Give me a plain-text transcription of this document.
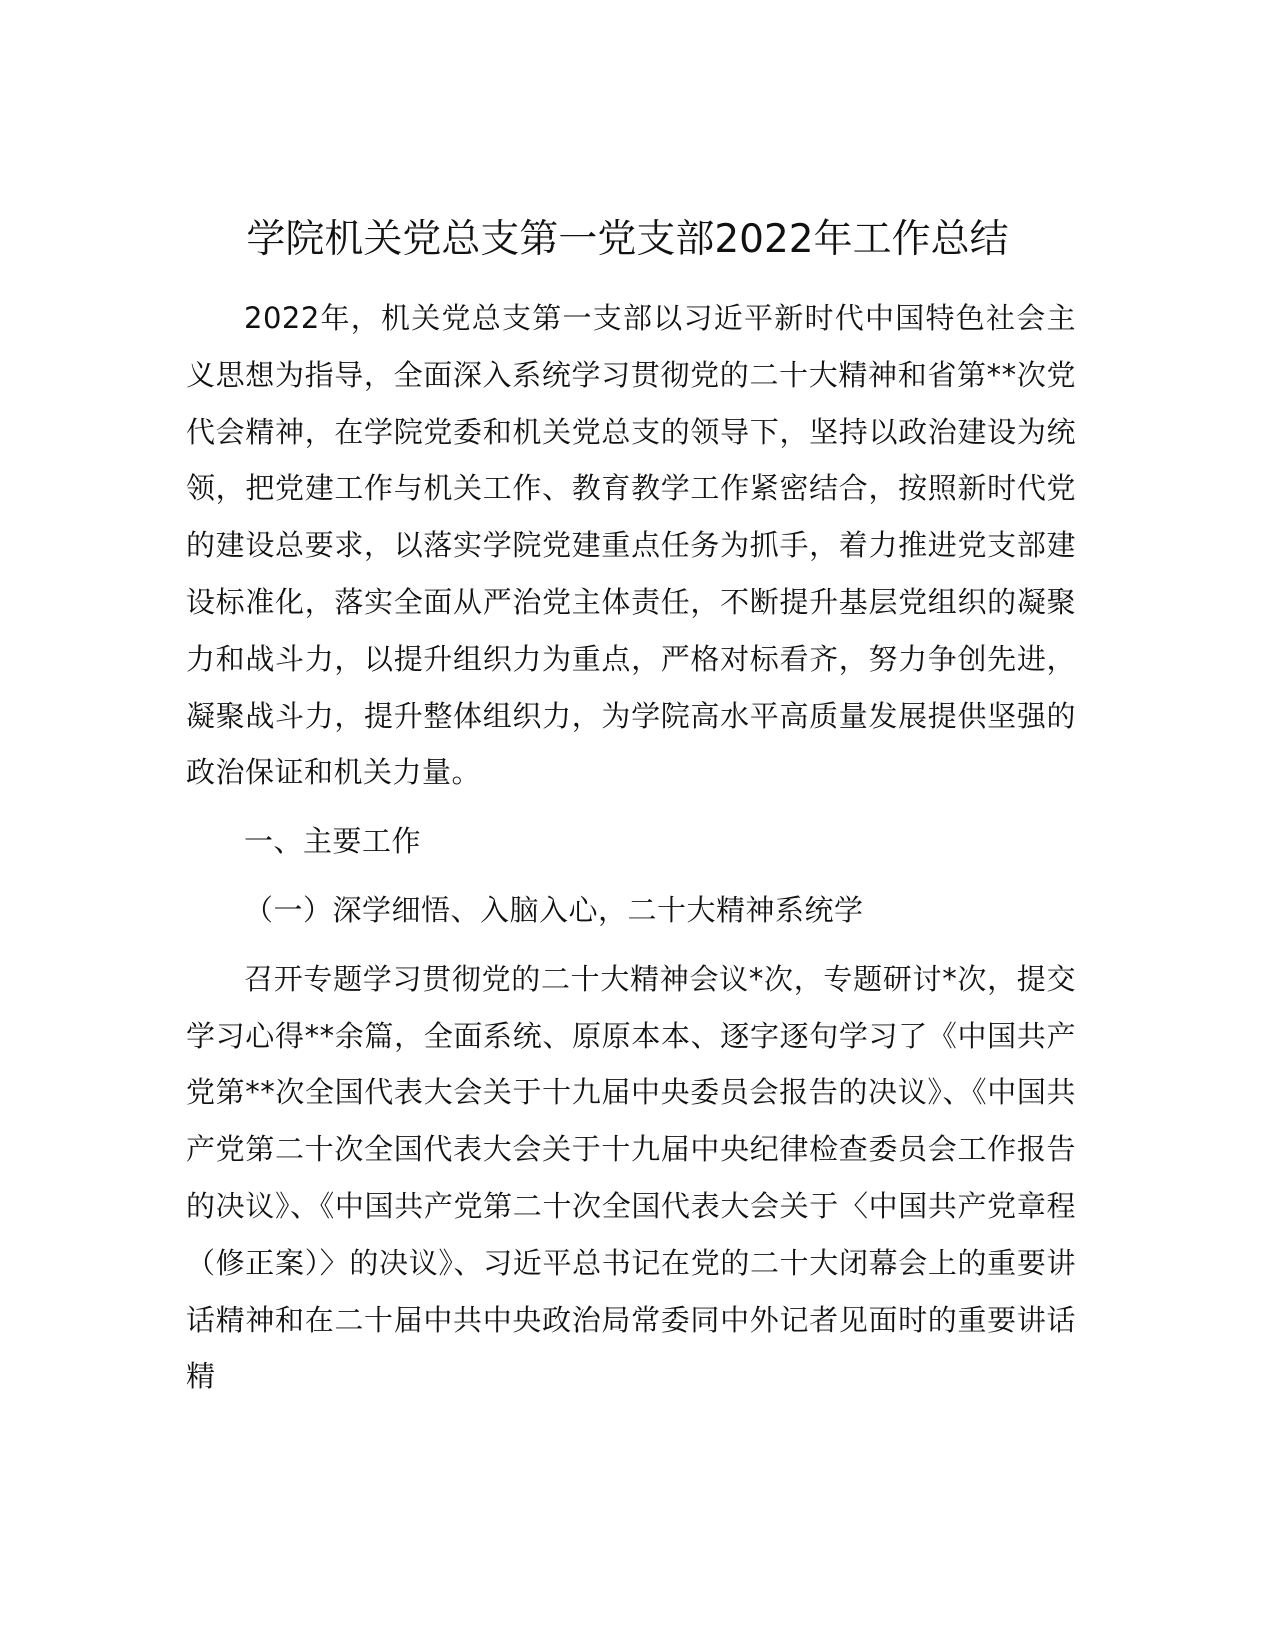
学院机关党总支第一党支部2022年工作总结

2022年，机关党总支第一支部以习近平新时代中国特色社会主义思想为指导，全面深入系统学习贯彻党的二十大精神和省第**次党代会精神，在学院党委和机关党总支的领导下，坚持以政治建设为统领，把党建工作与机关工作、教育教学工作紧密结合，按照新时代党的建设总要求，以落实学院党建重点任务为抓手，着力推进党支部建设标准化，落实全面从严治党主体责任，不断提升基层党组织的凝聚力和战斗力，以提升组织力为重点，严格对标看齐，努力争创先进，凝聚战斗力，提升整体组织力，为学院高水平高质量发展提供坚强的政治保证和机关力量。

一、主要工作

（一）深学细悟、入脑入心，二十大精神系统学

召开专题学习贯彻党的二十大精神会议*次，专题研讨*次，提交学习心得**余篇，全面系统、原原本本、逐字逐句学习了《中国共产党第**次全国代表大会关于十九届中央委员会报告的决议》、《中国共产党第二十次全国代表大会关于十九届中央纪律检查委员会工作报告的决议》、《中国共产党第二十次全国代表大会关于〈中国共产党章程（修正案）〉的决议》、习近平总书记在党的二十大闭幕会上的重要讲话精神和在二十届中共中央政治局常委同中外记者见面时的重要讲话精
